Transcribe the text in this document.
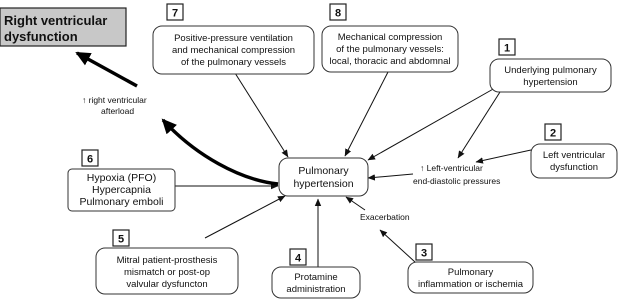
Right ventricular
dysfunction
7
Positive-pressure ventilation
and mechanical compression
of the pulmonary vessels
8
Mechanical compression
of the pulmonary vessels:
local, thoracic and abdomnal
1
Underlying pulmonary
hypertension
2
Left ventricular
dysfunction
6
Hypoxia (PFO)
Hypercapnia
Pulmonary emboli
Pulmonary
hypertension
5
Mitral patient-prosthesis
mismatch or post-op
valvular dysfuncton
4
Protamine
administration
3
Pulmonary
inflammation or ischemia
↑ right ventricular
afterload
↑ Left-ventricular
end-diastolic pressures
Exacerbation
